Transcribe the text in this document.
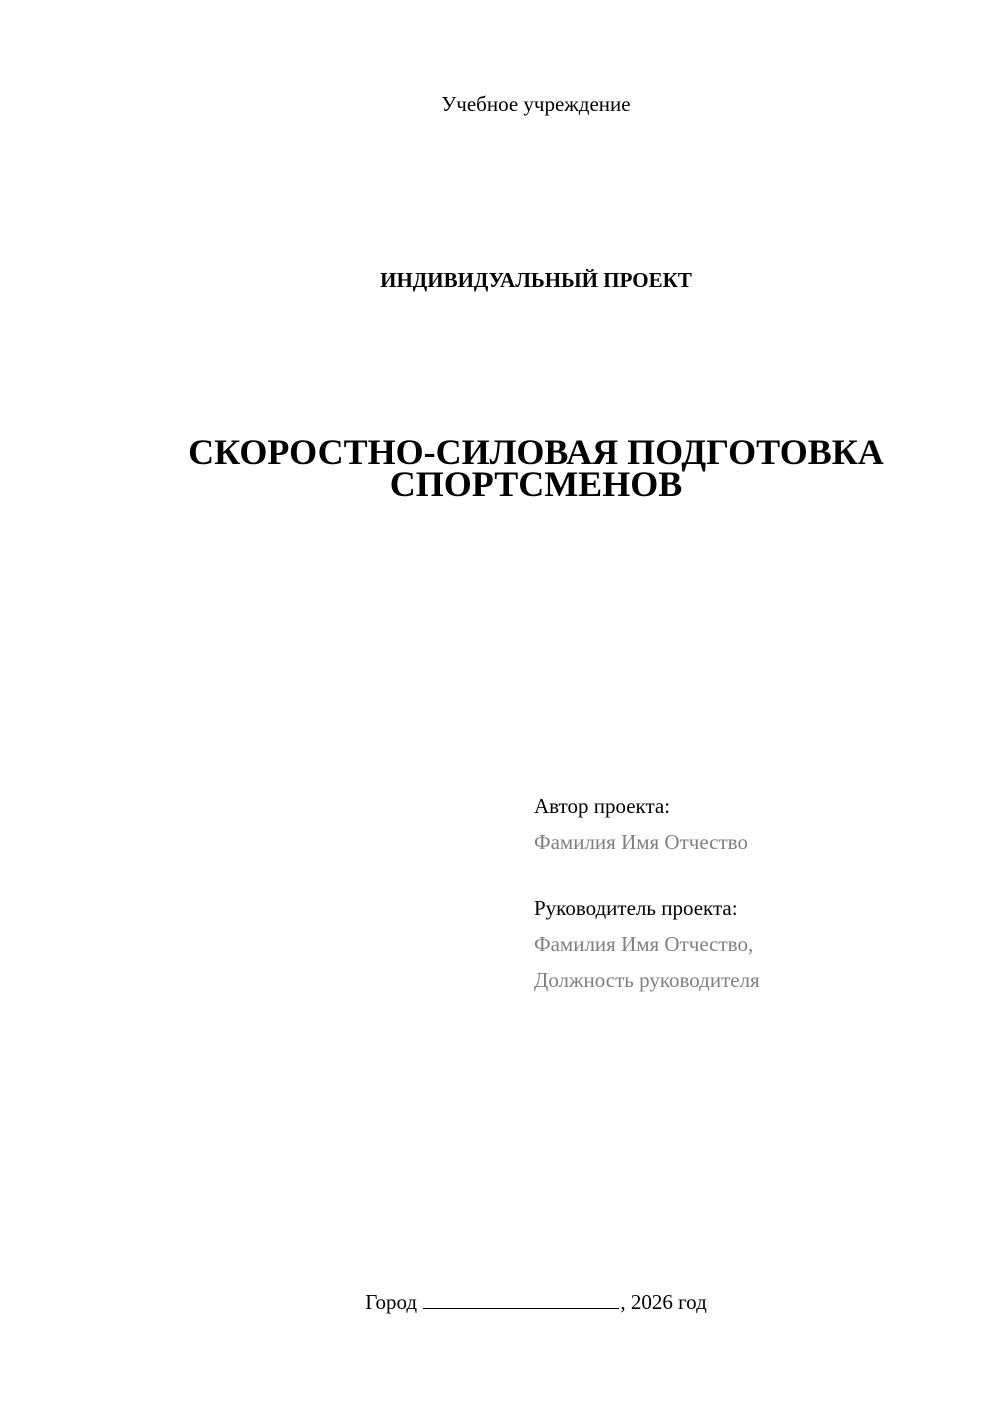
Учебное учреждение
ИНДИВИДУАЛЬНЫЙ ПРОЕКТ
СКОРОСТНО-СИЛОВАЯ ПОДГОТОВКА
СПОРТСМЕНОВ
Автор проекта:
Фамилия Имя Отчество
Руководитель проекта:
Фамилия Имя Отчество,
Должность руководителя
Город	, 2026 год
